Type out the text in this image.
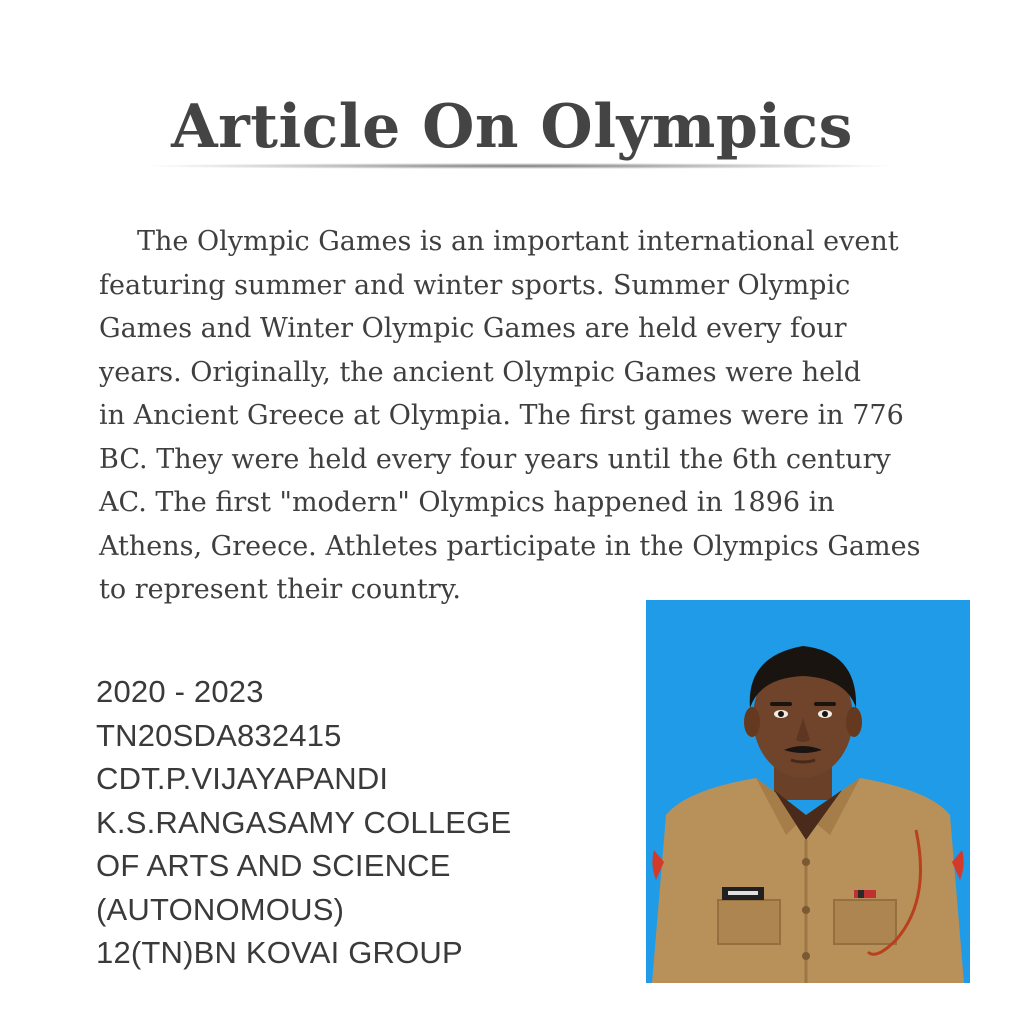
Article On Olympics
The Olympic Games is an important international event
featuring summer and winter sports. Summer Olympic
Games and Winter Olympic Games are held every four
years. Originally, the ancient Olympic Games were held
in Ancient Greece at Olympia. The first games were in 776
BC. They were held every four years until the 6th century
AC. The first "modern" Olympics happened in 1896 in
Athens, Greece. Athletes participate in the Olympics Games
to represent their country.
2020 - 2023
TN20SDA832415
CDT.P.VIJAYAPANDI
K.S.RANGASAMY COLLEGE
OF ARTS AND SCIENCE
(AUTONOMOUS)
12(TN)BN KOVAI GROUP
